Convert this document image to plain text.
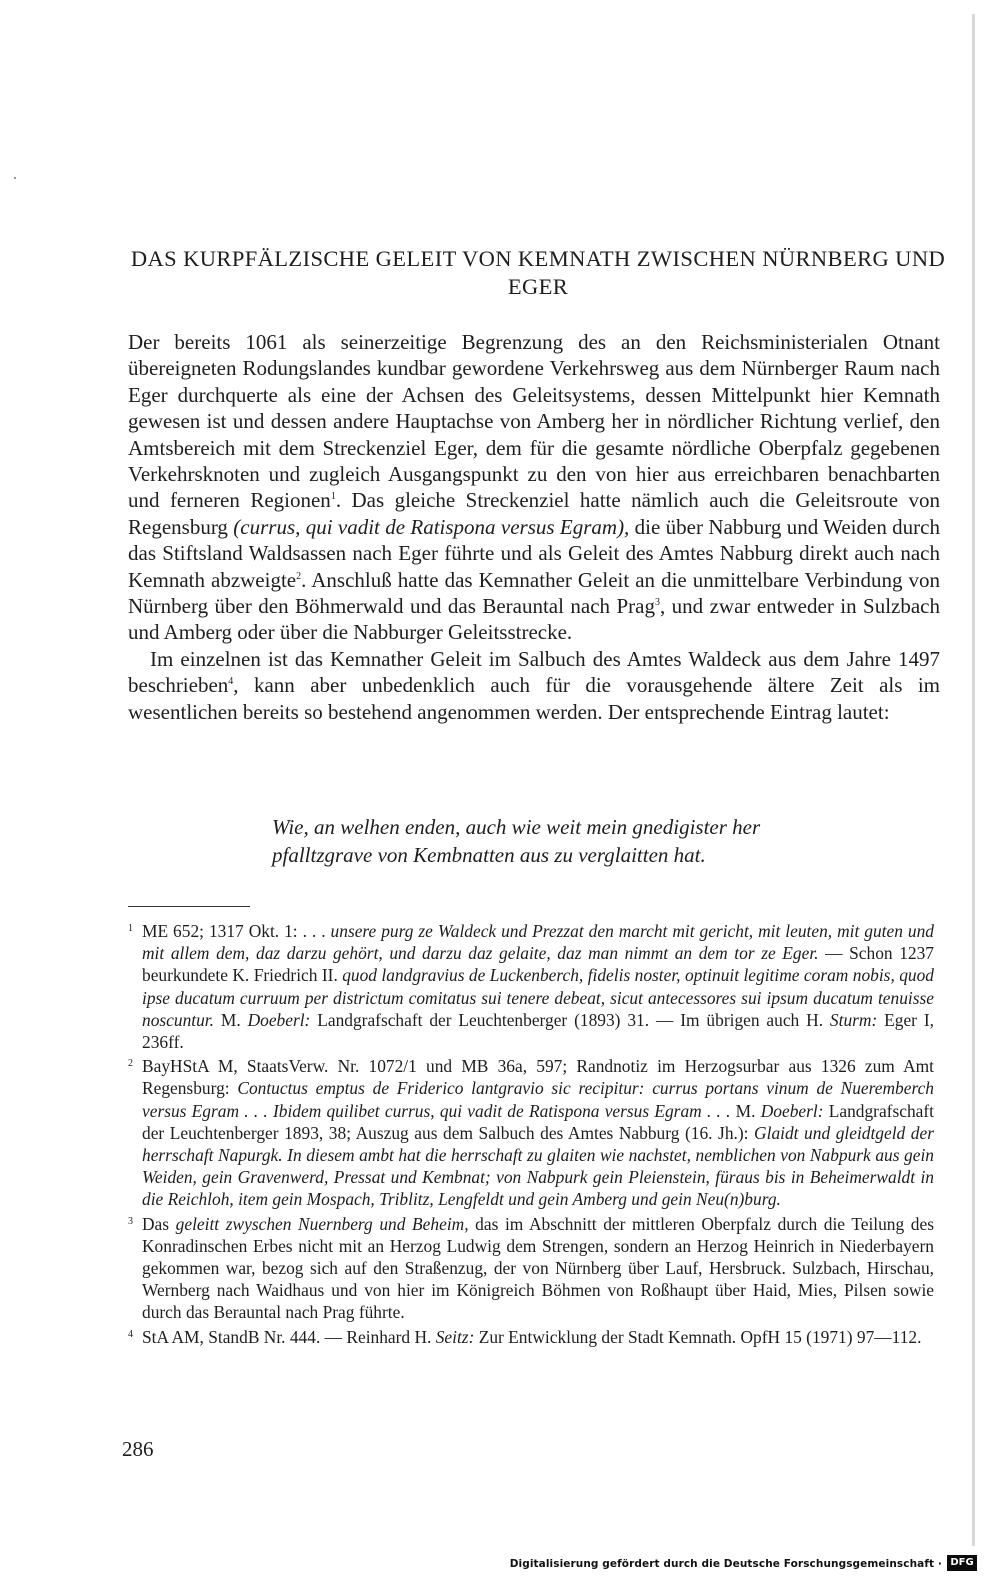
DAS KURPFÄLZISCHE GELEIT VON KEMNATH ZWISCHEN NÜRNBERG UND EGER

Der bereits 1061 als seinerzeitige Begrenzung des an den Reichsministerialen Otnant übereigneten Rodungslandes kundbar gewordene Verkehrsweg aus dem Nürnberger Raum nach Eger durchquerte als eine der Achsen des Geleitsystems, dessen Mittelpunkt hier Kemnath gewesen ist und dessen andere Hauptachse von Amberg her in nördlicher Richtung verlief, den Amtsbereich mit dem Streckenziel Eger, dem für die gesamte nördliche Oberpfalz gegebenen Verkehrsknoten und zugleich Ausgangspunkt zu den von hier aus erreichbaren benachbarten und ferneren Regionen$^1$. Das gleiche Streckenziel hatte nämlich auch die Geleitsroute von Regensburg (currus, qui vadit de Ratispona versus Egram), die über Nabburg und Weiden durch das Stiftsland Waldsassen nach Eger führte und als Geleit des Amtes Nabburg direkt auch nach Kemnath abzweigte$^2$. Anschluß hatte das Kemnather Geleit an die unmittelbare Verbindung von Nürnberg über den Böhmerwald und das Berauntal nach Prag$^3$, und zwar entweder in Sulzbach und Amberg oder über die Nabburger Geleitsstrecke.

Im einzelnen ist das Kemnather Geleit im Salbuch des Amtes Waldeck aus dem Jahre 1497 beschrieben$^4$, kann aber unbedenklich auch für die vorausgehende ältere Zeit als im wesentlichen bereits so bestehend angenommen werden. Der entsprechende Eintrag lautet:

Wie, an welhen enden, auch wie weit mein gnedigister her
pfalltzgrave von Kembnatten aus zu verglaitten hat.
1 ME 652; 1317 Okt. 1: . . . unsere purg ze Waldeck und Prezzat den marcht mit gericht, mit leuten, mit guten und mit allem dem, daz darzu gehört, und darzu daz gelaite, daz man nimmt an dem tor ze Eger. — Schon 1237 beurkundete K. Friedrich II. quod landgravius de Luckenberch, fidelis noster, optinuit legitime coram nobis, quod ipse ducatum curruum per districtum comitatus sui tenere debeat, sicut antecessores sui ipsum ducatum tenuisse noscuntur. M. Doeberl: Landgrafschaft der Leuchtenberger (1893) 31. — Im übrigen auch H. Sturm: Eger I, 236ff.
2 BayHStA M, StaatsVerw. Nr. 1072/1 und MB 36a, 597; Randnotiz im Herzogsurbar aus 1326 zum Amt Regensburg: Contuctus emptus de Friderico lantgravio sic recipitur: currus portans vinum de Nueremberch versus Egram . . . Ibidem quilibet currus, qui vadit de Ratispona versus Egram . . . M. Doeberl: Landgrafschaft der Leuchtenberger 1893, 38; Auszug aus dem Salbuch des Amtes Nabburg (16. Jh.): Glaidt und gleidtgeld der herrschaft Napurgk. In diesem ambt hat die herrschaft zu glaiten wie nachstet, nemblichen von Nabpurk aus gein Weiden, gein Gravenwerd, Pressat und Kembnat; von Nabpurk gein Pleienstein, füraus bis in Beheimerwaldt in die Reichloh, item gein Mospach, Triblitz, Lengfeldt und gein Amberg und gein Neu(n)burg.
3 Das geleitt zwyschen Nuernberg und Beheim, das im Abschnitt der mittleren Oberpfalz durch die Teilung des Konradinschen Erbes nicht mit an Herzog Ludwig dem Strengen, sondern an Herzog Heinrich in Niederbayern gekommen war, bezog sich auf den Straßenzug, der von Nürnberg über Lauf, Hersbruck. Sulzbach, Hirschau, Wernberg nach Waidhaus und von hier im Königreich Böhmen von Roßhaupt über Haid, Mies, Pilsen sowie durch das Berauntal nach Prag führte.
4 StA AM, StandB Nr. 444. — Reinhard H. Seitz: Zur Entwicklung der Stadt Kemnath. OpfH 15 (1971) 97—112.
286
Digitalisierung gefördert durch die Deutsche Forschungsgemeinschaft · DFG
